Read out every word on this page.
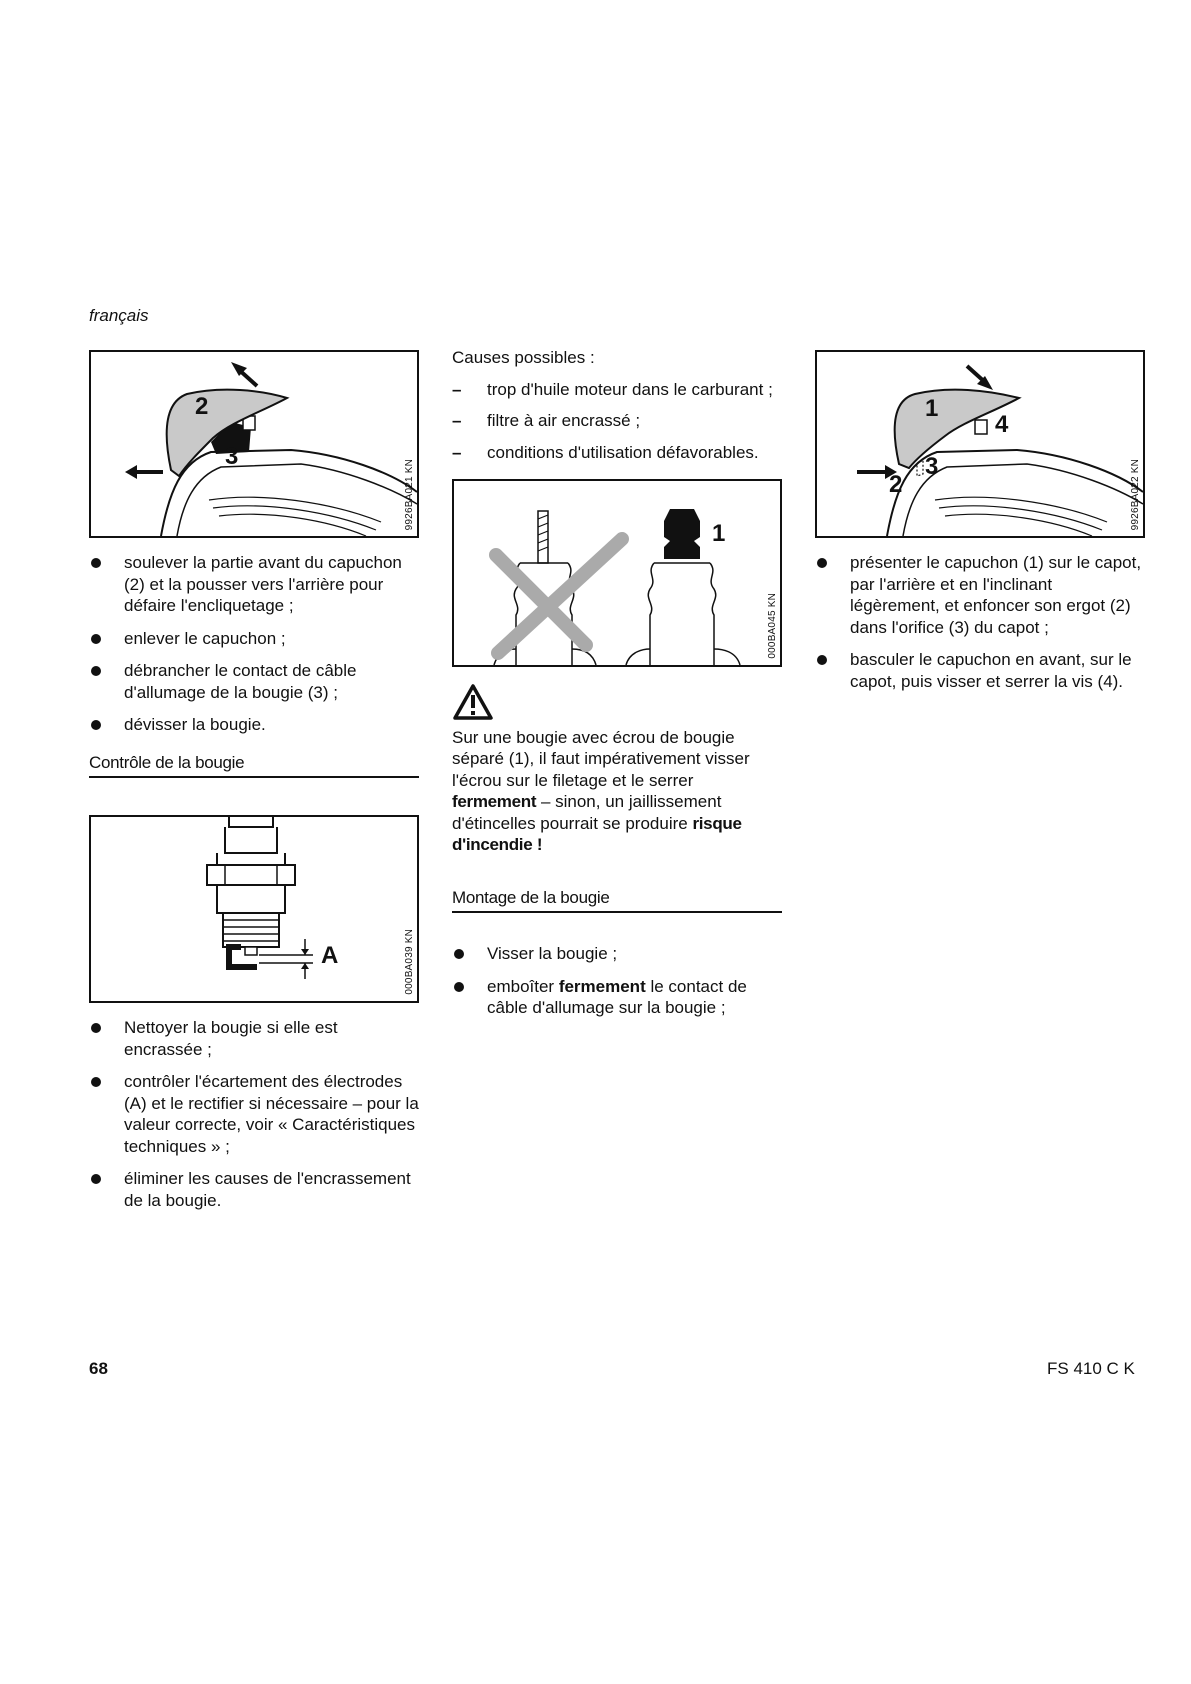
français
2
3
9926BA021 KN
soulever la partie avant du capuchon (2) et la pousser vers l'arrière pour défaire l'encliquetage ;
enlever le capuchon ;
débrancher le contact de câble d'allumage de la bougie (3) ;
dévisser la bougie.
Contrôle de la bougie
A	000BA039 KN
Nettoyer la bougie si elle est encrassée ;
contrôler l'écartement des électrodes (A) et le rectifier si nécessaire – pour la valeur correcte, voir « Caractéristiques techniques » ;
éliminer les causes de l'encrassement de la bougie.

Causes possibles :

– trop d'huile moteur dans le carburant ;
– filtre à air encrassé ;
– conditions d'utilisation défavorables.
1
000BA045 KN

Sur une bougie avec écrou de bougie séparé (1), il faut impérativement visser l'écrou sur le filetage et le serrer fermement – sinon, un jaillissement d'étincelles pourrait se produire risque d'incendie !

Montage de la bougie
Visser la bougie ;
emboîter fermement le contact de câble d'allumage sur la bougie ;
1
4
3
2	9926BA022 KN
présenter le capuchon (1) sur le capot, par l'arrière et en l'inclinant légèrement, et enfoncer son ergot (2) dans l'orifice (3) du capot ;
basculer le capuchon en avant, sur le capot, puis visser et serrer la vis (4).
68	FS 410 C K
